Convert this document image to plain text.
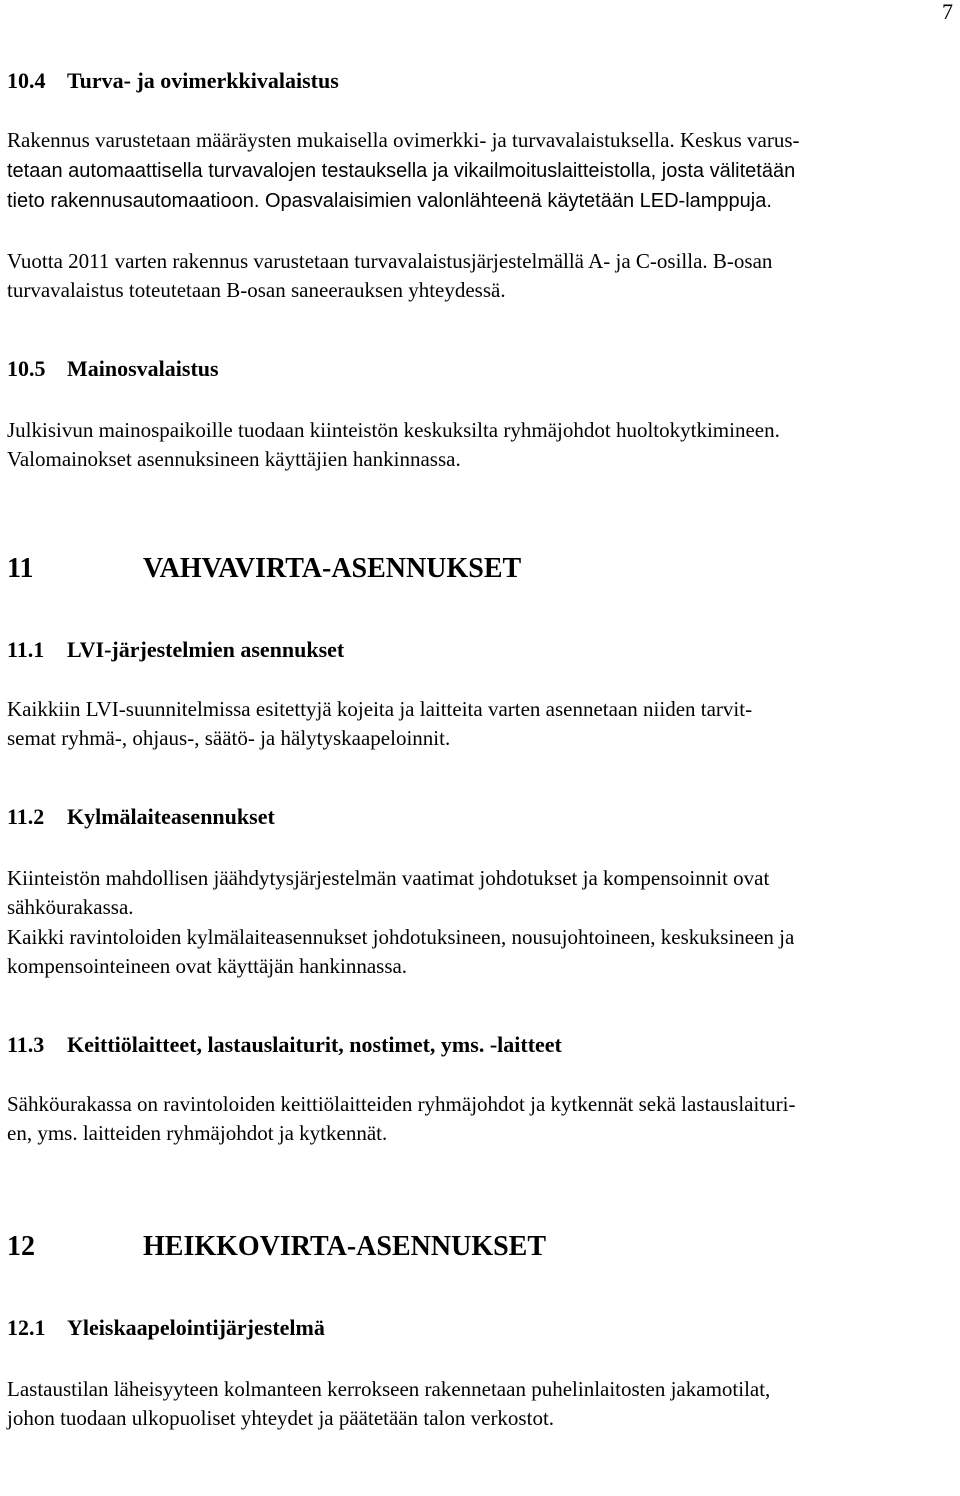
7
10.4 Turva- ja ovimerkkivalaistus

Rakennus varustetaan määräysten mukaisella ovimerkki- ja turvavalaistuksella. Keskus varus-
tetaan automaattisella turvavalojen testauksella ja vikailmoituslaitteistolla, josta välitetään
tieto rakennusautomaatioon. Opasvalaisimien valonlähteenä käytetään LED-lamppuja.

Vuotta 2011 varten rakennus varustetaan turvavalaistusjärjestelmällä A- ja C-osilla. B-osan
turvavalaistus toteutetaan B-osan saneerauksen yhteydessä.

10.5 Mainosvalaistus

Julkisivun mainospaikoille tuodaan kiinteistön keskuksilta ryhmäjohdot huoltokytkimineen.
Valomainokset asennuksineen käyttäjien hankinnassa.

11	VAHVAVIRTA-ASENNUKSET
11.1 LVI-järjestelmien asennukset

Kaikkiin LVI-suunnitelmissa esitettyjä kojeita ja laitteita varten asennetaan niiden tarvit-
semat ryhmä-, ohjaus-, säätö- ja hälytyskaapeloinnit.

11.2 Kylmälaiteasennukset

Kiinteistön mahdollisen jäähdytysjärjestelmän vaatimat johdotukset ja kompensoinnit ovat
sähköurakassa.
Kaikki ravintoloiden kylmälaiteasennukset johdotuksineen, nousujohtoineen, keskuksineen ja
kompensointeineen ovat käyttäjän hankinnassa.

11.3 Keittiölaitteet, lastauslaiturit, nostimet, yms. -laitteet

Sähköurakassa on ravintoloiden keittiölaitteiden ryhmäjohdot ja kytkennät sekä lastauslaituri-
en, yms. laitteiden ryhmäjohdot ja kytkennät.

12	HEIKKOVIRTA-ASENNUKSET
12.1 Yleiskaapelointijärjestelmä

Lastaustilan läheisyyteen kolmanteen kerrokseen rakennetaan puhelinlaitosten jakamotilat,
johon tuodaan ulkopuoliset yhteydet ja päätetään talon verkostot.
